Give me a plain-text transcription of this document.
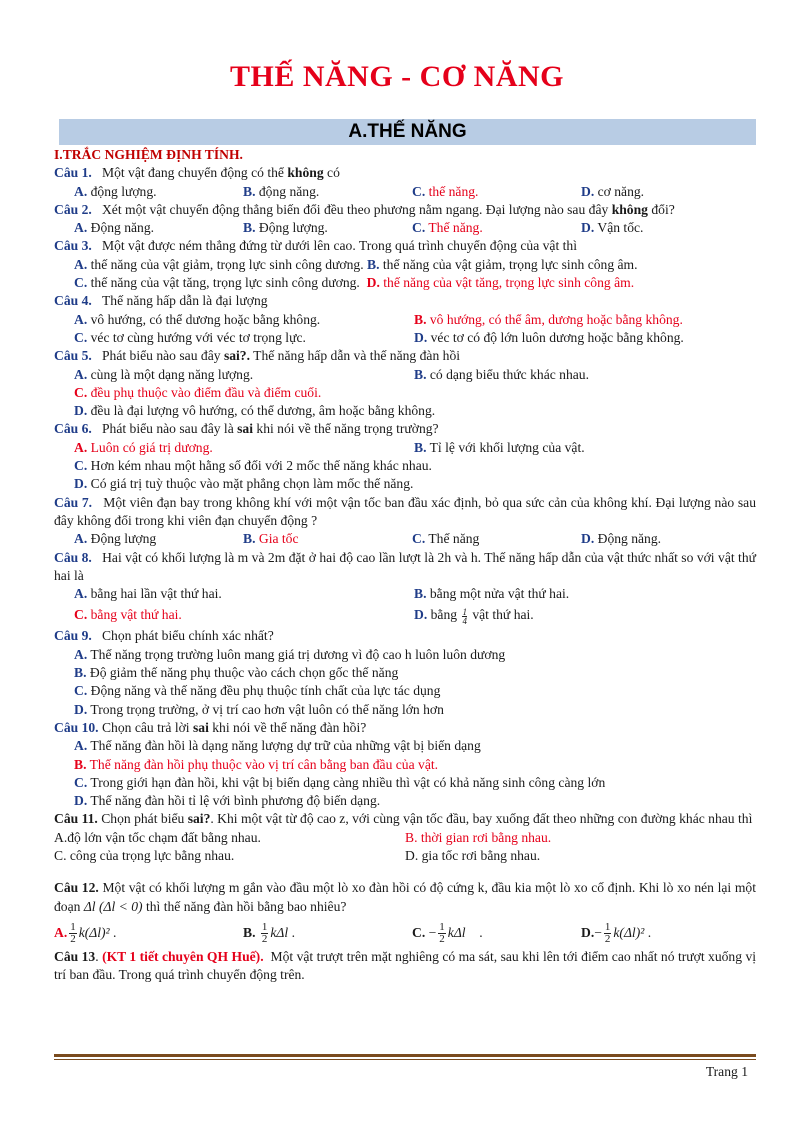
THẾ NĂNG - CƠ NĂNG
A.THẾ NĂNG
I.TRẮC NGHIỆM ĐỊNH TÍNH.
Câu 1. Một vật đang chuyển động có thể không có
A. động lượng.	B. động năng.	C. thế năng.	D. cơ năng.
Câu 2. Xét một vật chuyển động thẳng biến đổi đều theo phương nằm ngang. Đại lượng nào sau đây không đổi?
A. Động năng.	B. Động lượng.	C. Thế năng.	D. Vận tốc.
Câu 3. Một vật được ném thẳng đứng từ dưới lên cao. Trong quá trình chuyển động của vật thì
A. thế năng của vật giảm, trọng lực sinh công dương. B. thế năng của vật giảm, trọng lực sinh công âm.
C. thế năng của vật tăng, trọng lực sinh công dương. D. thế năng của vật tăng, trọng lực sinh công âm.
Câu 4. Thế năng hấp dẫn là đại lượng
A. vô hướng, có thể dương hoặc bằng không.	B. vô hướng, có thể âm, dương hoặc bằng không.
C. véc tơ cùng hướng với véc tơ trọng lực.	D. véc tơ có độ lớn luôn dương hoặc bằng không.
Câu 5. Phát biểu nào sau đây sai?. Thế năng hấp dẫn và thế năng đàn hồi
A. cùng là một dạng năng lượng.	B. có dạng biểu thức khác nhau.
C. đều phụ thuộc vào điểm đầu và điểm cuối.
D. đều là đại lượng vô hướng, có thể dương, âm hoặc bằng không.
Câu 6. Phát biểu nào sau đây là sai khi nói về thế năng trọng trường?
A. Luôn có giá trị dương.	B. Tỉ lệ với khối lượng của vật.
C. Hơn kém nhau một hằng số đối với 2 mốc thế năng khác nhau.
D. Có giá trị tuỳ thuộc vào mặt phẳng chọn làm mốc thế năng.
Câu 7. Một viên đạn bay trong không khí với một vận tốc ban đầu xác định, bỏ qua sức cản của không khí. Đại lượng nào sau đây không đổi trong khi viên đạn chuyển động ?
A. Động lượng	B. Gia tốc	C. Thế năng	D. Động năng.
Câu 8. Hai vật có khối lượng là m và 2m đặt ở hai độ cao lần lượt là 2h và h. Thế năng hấp dẫn của vật thức nhất so với vật thứ hai là
A. bằng hai lần vật thứ hai.	B. bằng một nửa vật thứ hai.
C. bằng vật thứ hai.	D. bằng $\frac{1}{4}$ vật thứ hai.
Câu 9. Chọn phát biểu chính xác nhất?
A. Thế năng trọng trường luôn mang giá trị dương vì độ cao h luôn luôn dương
B. Độ giảm thế năng phụ thuộc vào cách chọn gốc thế năng
C. Động năng và thế năng đều phụ thuộc tính chất của lực tác dụng
D. Trong trọng trường, ở vị trí cao hơn vật luôn có thế năng lớn hơn
Câu 10. Chọn câu trả lời sai khi nói về thế năng đàn hồi?
A. Thế năng đàn hồi là dạng năng lượng dự trữ của những vật bị biến dạng
B. Thế năng đàn hồi phụ thuộc vào vị trí cân bằng ban đầu của vật.
C. Trong giới hạn đàn hồi, khi vật bị biến dạng càng nhiều thì vật có khả năng sinh công càng lớn
D. Thế năng đàn hồi tỉ lệ với bình phương độ biến dạng.
Câu 11. Chọn phát biểu sai?. Khi một vật từ độ cao z, với cùng vận tốc đầu, bay xuống đất theo những con đường khác nhau thì
A.độ lớn vận tốc chạm đất bằng nhau.	B. thời gian rơi bằng nhau.
C. công của trọng lực bằng nhau.	D. gia tốc rơi bằng nhau.
Câu 12. Một vật có khối lượng m gắn vào đầu một lò xo đàn hồi có độ cứng k, đầu kia một lò xo cố định. Khi lò xo nén lại một đoạn Δl (Δl < 0) thì thế năng đàn hồi bằng bao nhiêu?
A. $\frac{1}{2} k(\Delta l)^2$ .	B. $\frac{1}{2}$ kΔl .	C. − $\frac{1}{2}$ kΔl    .	$D.- \frac{1}{2} k(\Delta l)^2$ .
Câu 13. (KT 1 tiết chuyên QH Huế). Một vật trượt trên mặt nghiêng có ma sát, sau khi lên tới điểm cao nhất nó trượt xuống vị trí ban đầu. Trong quá trình chuyển động trên.
Trang 1
